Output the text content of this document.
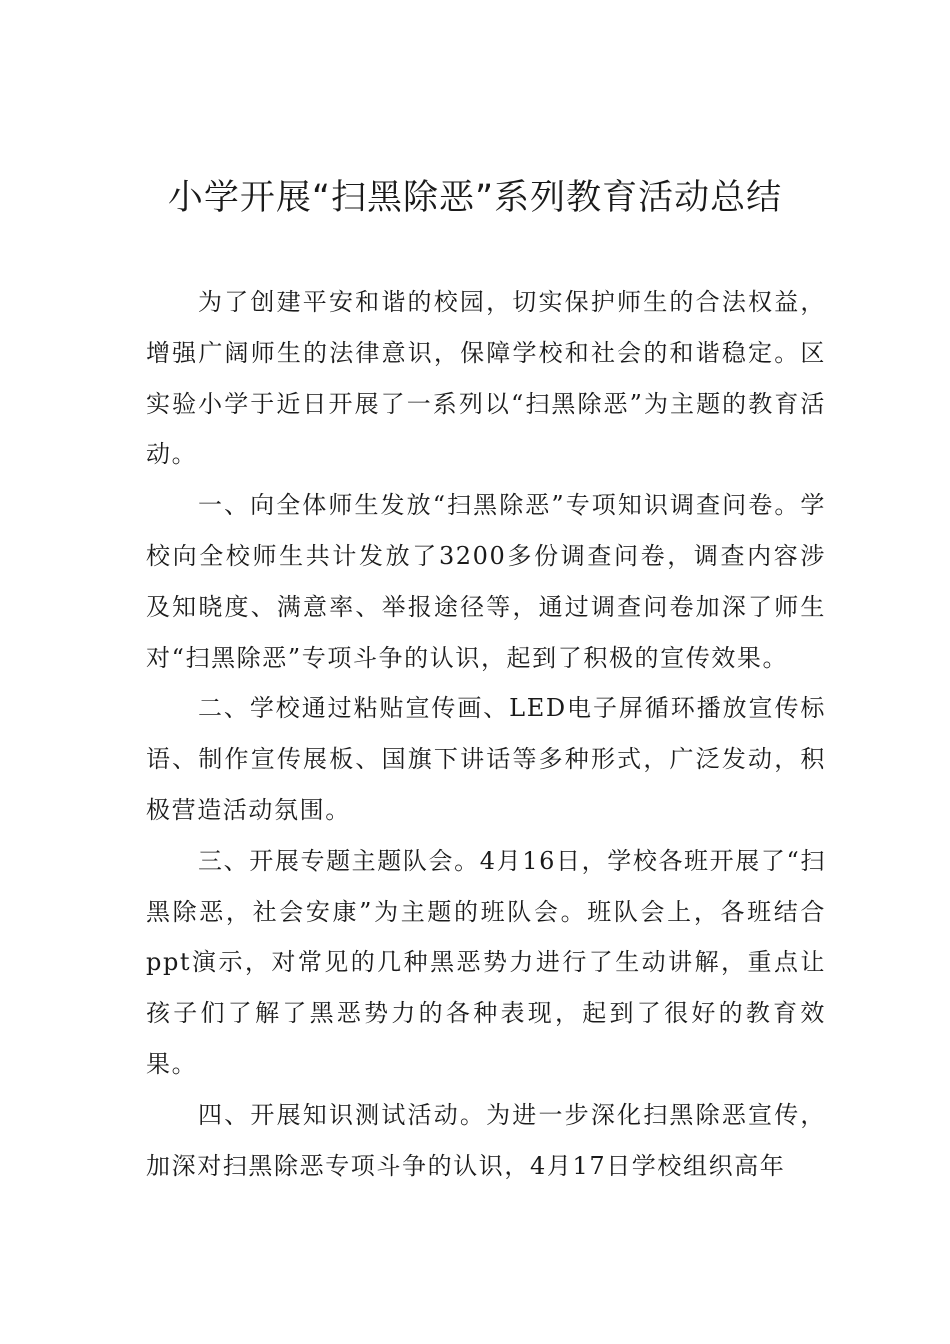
小学开展“扫黑除恶”系列教育活动总结

为了创建平安和谐的校园，切实保护师生的合法权益，增强广阔师生的法律意识，保障学校和社会的和谐稳定。区实验小学于近日开展了一系列以“扫黑除恶”为主题的教育活动。

一、向全体师生发放“扫黑除恶”专项知识调查问卷。学校向全校师生共计发放了3200多份调查问卷，调查内容涉及知晓度、满意率、举报途径等，通过调查问卷加深了师生对“扫黑除恶”专项斗争的认识，起到了积极的宣传效果。

二、学校通过粘贴宣传画、LED电子屏循环播放宣传标语、制作宣传展板、国旗下讲话等多种形式，广泛发动，积极营造活动氛围。

三、开展专题主题队会。4月16日，学校各班开展了“扫黑除恶，社会安康”为主题的班队会。班队会上，各班结合ppt演示，对常见的几种黑恶势力进行了生动讲解，重点让孩子们了解了黑恶势力的各种表现，起到了很好的教育效果。

四、开展知识测试活动。为进一步深化扫黑除恶宣传，加深对扫黑除恶专项斗争的认识，4月17日学校组织高年
